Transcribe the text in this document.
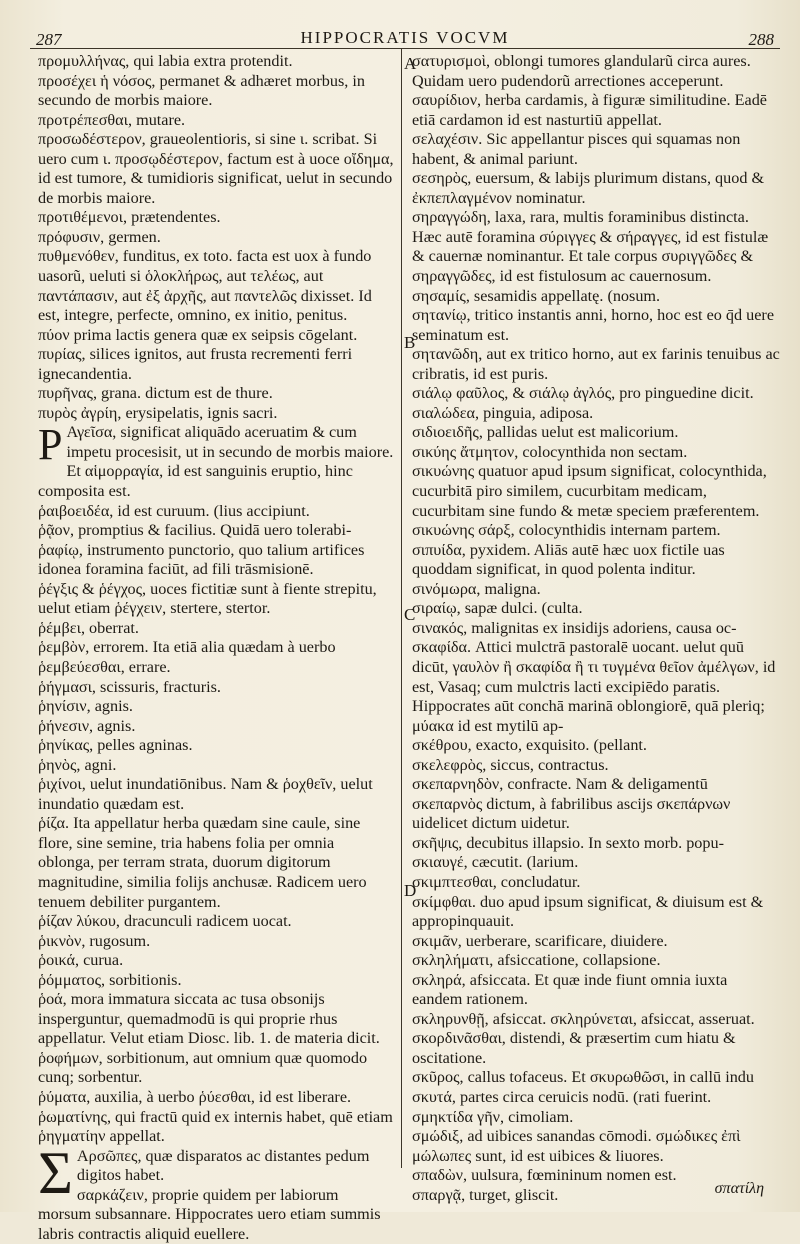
287	HIPPOCRATIS VOCVM	288
A
B
C
D

προμυλλήνας, qui labia extra protendit.

προσέχει ἡ νόσος, permanet & adhæret morbus, in secundo de morbis maiore.

προτρέπεσθαι, mutare.

προσωδέστερον, graueolentioris, si sine ι. scribat. Si uero cum ι. προσῳδέστερον, factum est à uoce οἴδημα, id est tumore, & tumidioris significat, uelut in secundo de morbis maiore.

προτιθέμενοι, prætendentes.

πρόφυσιν, germen.

πυθμενόθεν, funditus, ex toto. facta est uox à fundo uasorũ, ueluti si ὁλοκλήρως, aut τελέως, aut παντάπασιν, aut ἐξ ἀρχῆς, aut παντελῶς dixisset. Id est, integre, perfecte, omnino, ex initio, penitus.

πύον prima lactis genera quæ ex seipsis cōgelant.

πυρίας, silices ignitos, aut frusta recrementi ferri ignecandentia.

πυρῆνας, grana. dictum est de thure.

πυρὸς ἀγρίη, erysipelatis, ignis sacri.

P Αγεῖσα, significat aliquādo aceruatim & cum impetu procesisit, ut in secundo de morbis maiore. Et αἱμορραγία, id est sanguinis eruptio, hinc composita est.

ῥαιβοειδέα, id est curuum. (lius accipiunt.

ῥᾷον, promptius & facilius. Quidā uero tolerabi-

ῥαφίῳ, instrumento punctorio, quo talium artifices idonea foramina faciūt, ad fili trāsmisionē.

ῥέγξις & ῥέγχος, uoces fictitiæ sunt à fiente strepitu, uelut etiam ῥέγχειν, stertere, stertor.

ῥέμβει, oberrat.

ῥεμβὸν, errorem. Ita etiā alia quædam à uerbo ῥεμβεύεσθαι, errare.

ῥήγμασι, scissuris, fracturis.

ῥηνίσιν, agnis.

ῥήνεσιν, agnis.

ῥηνίκας, pelles agninas.

ῥηνὸς, agni.

ῥιχίνοι, uelut inundatiōnibus. Nam & ῥοχθεῖν, uelut inundatio quædam est.

ῥίζα. Ita appellatur herba quædam sine caule, sine flore, sine semine, tria habens folia per omnia oblonga, per terram strata, duorum digitorum magnitudine, similia folijs anchusæ. Radicem uero tenuem debiliter purgantem.

ῥίζαν λύκου, dracunculi radicem uocat.

ῥικνὸν, rugosum.

ῥοικά, curua.

ῥόμματος, sorbitionis.

ῥοά, mora immatura siccata ac tusa obsonijs insperguntur, quemadmodū is qui proprie rhus appellatur. Velut etiam Diosc. lib. 1. de materia dicit.

ῥοφήμων, sorbitionum, aut omnium quæ quomodo cunq; sorbentur.

ῥύματα, auxilia, à uerbo ῥύεσθαι, id est liberare.

ῥωματίνης, qui fractū quid ex internis habet, quē etiam ῥηγματίην appellat.

Σ Αρσῶπες, quæ disparatos ac distantes pedum digitos habet.

σαρκάζειν, proprie quidem per labiorum morsum subsannare. Hippocrates uero etiam summis labris contractis aliquid euellere.

σατυρισμοὶ, oblongi tumores glandularũ circa aures. Quidam uero pudendorũ arrectiones acceperunt.

σαυρίδιον, herba cardamis, à figuræ similitudine. Eadē etiā cardamon id est nasturtiū appellat.

σελαχέσιν. Sic appellantur pisces qui squamas non habent, & animal pariunt.

σεσηρὸς, euersum, & labijs plurimum distans, quod & ἐκπεπλαγμένον nominatur.

σηραγγώδη, laxa, rara, multis foraminibus distincta. Hæc autē foramina σύριγγες & σήραγγες, id est fistulæ & cauernæ nominantur. Et tale corpus συριγγῶδες & σηραγγῶδες, id est fistulosum ac cauernosum.

σησαμίς, sesamidis appellatę. (nosum.

σητανίῳ, tritico instantis anni, horno, hoc est eo q̄d uere seminatum est.

σητανῶδη, aut ex tritico horno, aut ex farinis tenuibus ac cribratis, id est puris.

σιάλῳ φαῦλος, & σιάλῳ ἀγλός, pro pinguedine dicit.

σιαλώδεα, pinguia, adiposa.

σιδιοειδῆς, pallidas uelut est malicorium.

σικύης ἄτμητον, colocynthida non sectam.

σικυώνης quatuor apud ipsum significat, colocynthida, cucurbitā piro similem, cucurbitam medicam, cucurbitam sine fundo & metæ speciem præferentem.

σικυώνης σάρξ, colocynthidis internam partem.

σιπυίδα, pyxidem. Aliās autē hæc uox fictile uas quoddam significat, in quod polenta inditur.

σινόμωρα, maligna.

σιραίῳ, sapæ dulci. (culta.

σινακός, malignitas ex insidijs adoriens, causa oc-

σκαφίδα. Attici mulctrā pastoralē uocant. uelut quū dicūt, γαυλὸν ἢ σκαφίδα ἢ τι τυγμένα θεῖον ἀμέλγων, id est, Vasaq; cum mulctris lacti excipiēdo paratis. Hippocrates aūt conchā marinā oblongiorē, quā pleriq; μύακα id est mytilū ap-

σκέθρου, exacto, exquisito. (pellant.

σκελεφρὸς, siccus, contractus.

σκεπαρνηδὸν, confracte. Nam & deligamentū σκεπαρνὸς dictum, à fabrilibus ascijs σκεπάρνων uidelicet dictum uidetur.

σκῆψις, decubitus illapsio. In sexto morb. popu-

σκιαυγέ, cæcutit. (larium.

σκιμπτεσθαι, concludatur.

σκίμφθαι. duo apud ipsum significat, & diuisum est & appropinquauit.

σκιμᾶν, uerberare, scarificare, diuidere.

σκληλήματι, afsiccatione, collapsione.

σκληρά, afsiccata. Et quæ inde fiunt omnia iuxta eandem rationem.

σκληρυνθῇ, afsiccat. σκληρύνεται, afsiccat, asseruat.

σκορδινᾶσθαι, distendi, & præsertim cum hiatu & oscitatione.

σκῦρος, callus tofaceus. Et σκυρωθῶσι, in callū indu

σκυτά, partes circa ceruicis nodū. (rati fuerint.

σμηκτίδα γῆν, cimoliam.

σμώδιξ, ad uibices sanandas cōmodi. σμώδικες ἐπὶ μώλωπες sunt, id est uibices & liuores.

σπαδὼν, uulsura, fœmininum nomen est.

σπαργᾷ, turget, gliscit.	σπατίλη
